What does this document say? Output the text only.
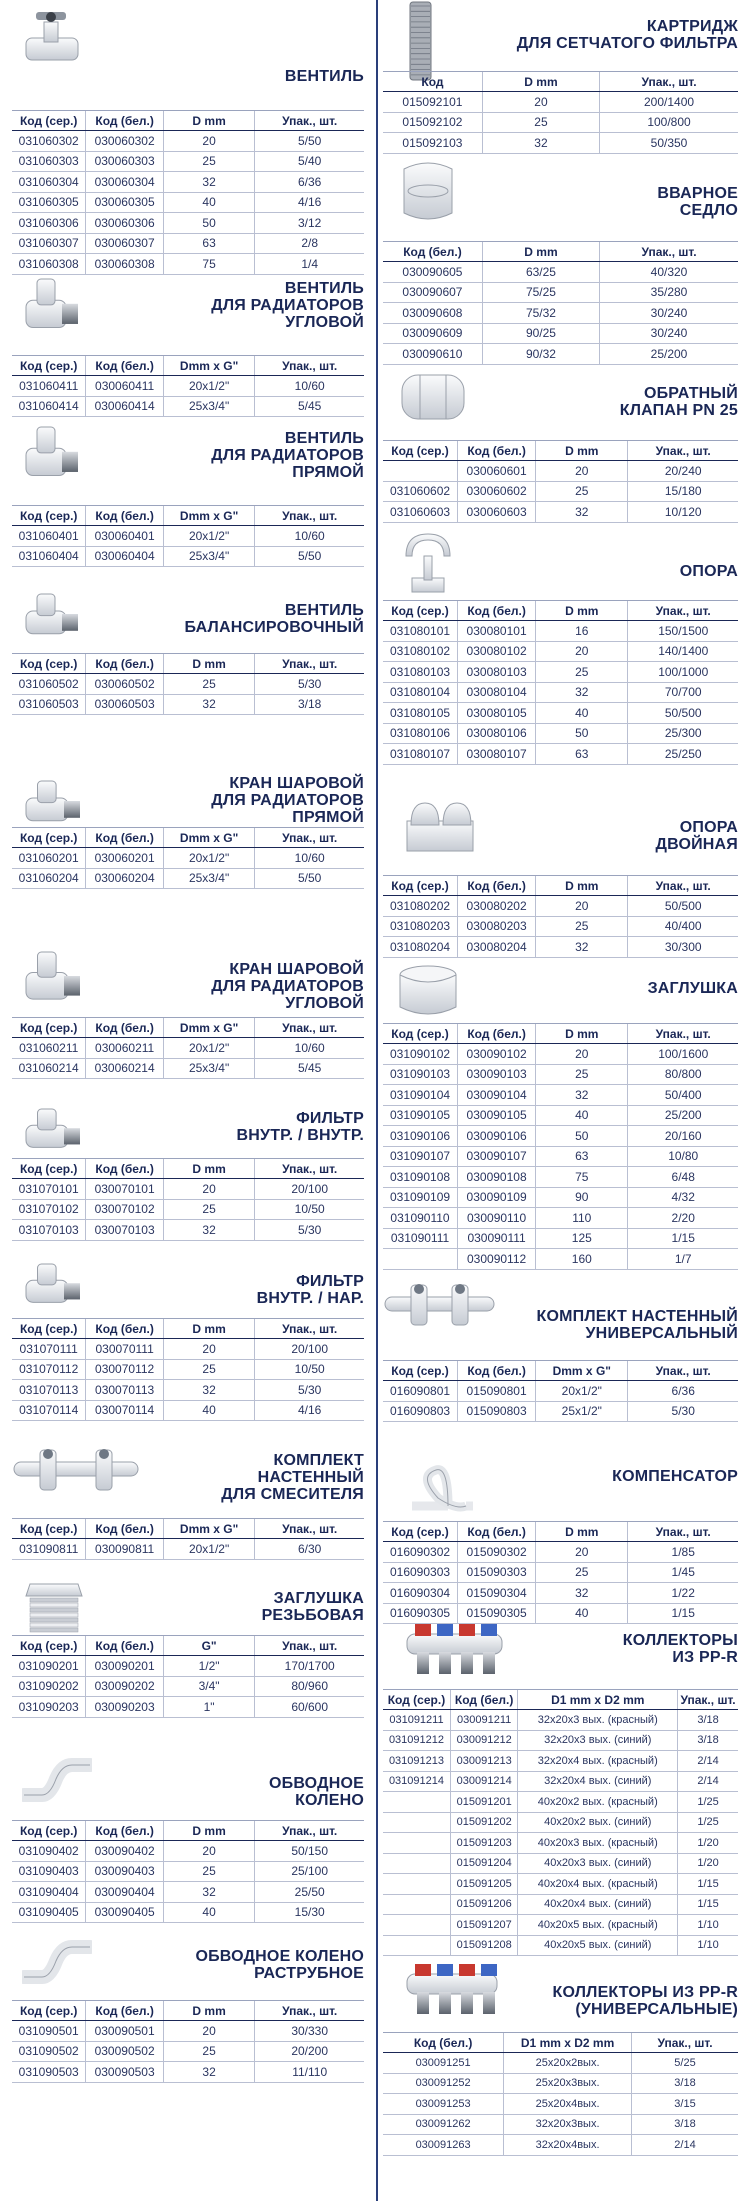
ВЕНТИЛЬ
Код (сер.)	Код (бел.)	D mm	Упак., шт.
031060302	030060302	20	5/50
031060303	030060303	25	5/40
031060304	030060304	32	6/36
031060305	030060305	40	4/16
031060306	030060306	50	3/12
031060307	030060307	63	2/8
031060308	030060308	75	1/4
ВЕНТИЛЬ
ДЛЯ РАДИАТОРОВ
УГЛОВОЙ
Код (сер.)	Код (бел.)	Dmm x G"	Упак., шт.
031060411	030060411	20x1/2"	10/60
031060414	030060414	25x3/4"	5/45
ВЕНТИЛЬ
ДЛЯ РАДИАТОРОВ
ПРЯМОЙ
Код (сер.)	Код (бел.)	Dmm x G"	Упак., шт.
031060401	030060401	20x1/2"	10/60
031060404	030060404	25x3/4"	5/50
ВЕНТИЛЬ
БАЛАНСИРОВОЧНЫЙ
Код (сер.)	Код (бел.)	D mm	Упак., шт.
031060502	030060502	25	5/30
031060503	030060503	32	3/18
КРАН ШАРОВОЙ
ДЛЯ РАДИАТОРОВ
ПРЯМОЙ
Код (сер.)	Код (бел.)	Dmm x G"	Упак., шт.
031060201	030060201	20x1/2"	10/60
031060204	030060204	25x3/4"	5/50
КРАН ШАРОВОЙ
ДЛЯ РАДИАТОРОВ
УГЛОВОЙ
Код (сер.)	Код (бел.)	Dmm x G"	Упак., шт.
031060211	030060211	20x1/2"	10/60
031060214	030060214	25x3/4"	5/45
ФИЛЬТР
ВНУТР. / ВНУТР.
Код (сер.)	Код (бел.)	D mm	Упак., шт.
031070101	030070101	20	20/100
031070102	030070102	25	10/50
031070103	030070103	32	5/30
ФИЛЬТР
ВНУТР. / НАР.
Код (сер.)	Код (бел.)	D mm	Упак., шт.
031070111	030070111	20	20/100
031070112	030070112	25	10/50
031070113	030070113	32	5/30
031070114	030070114	40	4/16
КОМПЛЕКТ
НАСТЕННЫЙ
ДЛЯ СМЕСИТЕЛЯ
Код (сер.)	Код (бел.)	Dmm x G"	Упак., шт.
031090811	030090811	20x1/2"	6/30
ЗАГЛУШКА
РЕЗЬБОВАЯ
Код (сер.)	Код (бел.)	G"	Упак., шт.
031090201	030090201	1/2"	170/1700
031090202	030090202	3/4"	80/960
031090203	030090203	1"	60/600
ОБВОДНОЕ
КОЛЕНО
Код (сер.)	Код (бел.)	D mm	Упак., шт.
031090402	030090402	20	50/150
031090403	030090403	25	25/100
031090404	030090404	32	25/50
031090405	030090405	40	15/30
ОБВОДНОЕ КОЛЕНО
РАСТРУБНОЕ
Код (сер.)	Код (бел.)	D mm	Упак., шт.
031090501	030090501	20	30/330
031090502	030090502	25	20/200
031090503	030090503	32	11/110
КАРТРИДЖ
ДЛЯ СЕТЧАТОГО ФИЛЬТРА
Код	D mm	Упак., шт.
015092101	20	200/1400
015092102	25	100/800
015092103	32	50/350
ВВАРНОЕ
СЕДЛО
Код (бел.)	D mm	Упак., шт.
030090605	63/25	40/320
030090607	75/25	35/280
030090608	75/32	30/240
030090609	90/25	30/240
030090610	90/32	25/200
ОБРАТНЫЙ
КЛАПАН PN 25
Код (сер.)	Код (бел.)	D mm	Упак., шт.
	030060601	20	20/240
031060602	030060602	25	15/180
031060603	030060603	32	10/120
ОПОРА
Код (сер.)	Код (бел.)	D mm	Упак., шт.
031080101	030080101	16	150/1500
031080102	030080102	20	140/1400
031080103	030080103	25	100/1000
031080104	030080104	32	70/700
031080105	030080105	40	50/500
031080106	030080106	50	25/300
031080107	030080107	63	25/250
ОПОРА
ДВОЙНАЯ
Код (сер.)	Код (бел.)	D mm	Упак., шт.
031080202	030080202	20	50/500
031080203	030080203	25	40/400
031080204	030080204	32	30/300
ЗАГЛУШКА
Код (сер.)	Код (бел.)	D mm	Упак., шт.
031090102	030090102	20	100/1600
031090103	030090103	25	80/800
031090104	030090104	32	50/400
031090105	030090105	40	25/200
031090106	030090106	50	20/160
031090107	030090107	63	10/80
031090108	030090108	75	6/48
031090109	030090109	90	4/32
031090110	030090110	110	2/20
031090111	030090111	125	1/15
	030090112	160	1/7
КОМПЛЕКТ НАСТЕННЫЙ
УНИВЕРСАЛЬНЫЙ
Код (сер.)	Код (бел.)	Dmm x G"	Упак., шт.
016090801	015090801	20x1/2"	6/36
016090803	015090803	25x1/2"	5/30
КОМПЕНСАТОР
Код (сер.)	Код (бел.)	D mm	Упак., шт.
016090302	015090302	20	1/85
016090303	015090303	25	1/45
016090304	015090304	32	1/22
016090305	015090305	40	1/15
КОЛЛЕКТОРЫ
ИЗ PP-R
Код (сер.)	Код (бел.)	D1 mm x D2 mm	Упак., шт.
031091211	030091211	32x20x3 вых. (красный)	3/18
031091212	030091212	32x20x3 вых. (синий)	3/18
031091213	030091213	32x20x4 вых. (красный)	2/14
031091214	030091214	32x20x4 вых. (синий)	2/14
	015091201	40x20x2 вых. (красный)	1/25
	015091202	40x20x2 вых. (синий)	1/25
	015091203	40x20x3 вых. (красный)	1/20
	015091204	40x20x3 вых. (синий)	1/20
	015091205	40x20x4 вых. (красный)	1/15
	015091206	40x20x4 вых. (синий)	1/15
	015091207	40x20x5 вых. (красный)	1/10
	015091208	40x20x5 вых. (синий)	1/10
КОЛЛЕКТОРЫ ИЗ PP-R
(УНИВЕРСАЛЬНЫЕ)
Код (бел.)	D1 mm x D2 mm	Упак., шт.
030091251	25x20x2вых.	5/25
030091252	25x20x3вых.	3/18
030091253	25x20x4вых.	3/15
030091262	32x20x3вых.	3/18
030091263	32x20x4вых.	2/14
